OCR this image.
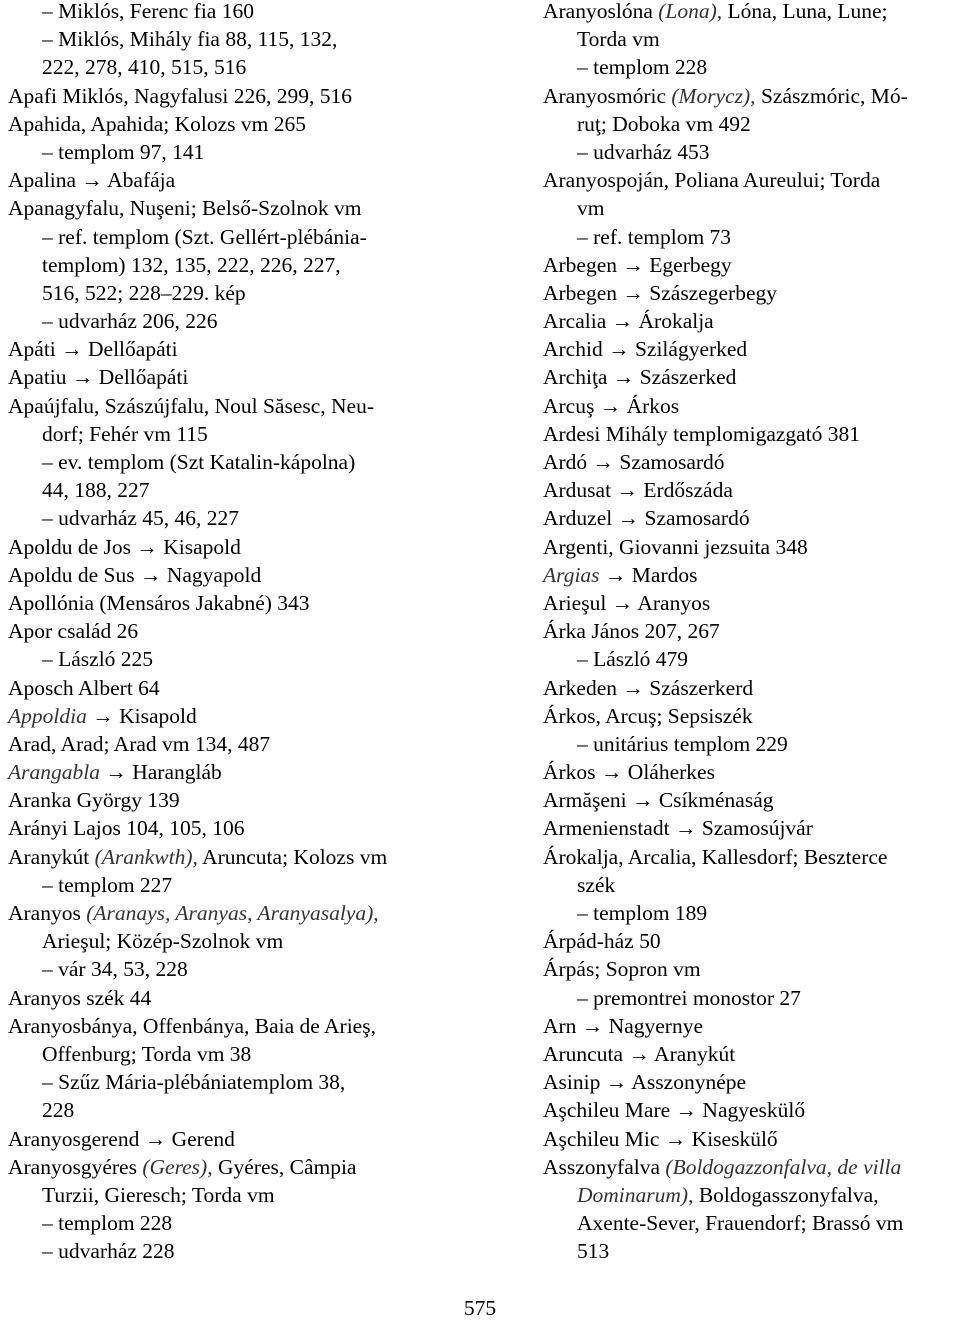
– Miklós, Ferenc fia 160
– Miklós, Mihály fia 88, 115, 132,
222, 278, 410, 515, 516
Apafi Miklós, Nagyfalusi 226, 299, 516
Apahida, Apahida; Kolozs vm 265
– templom 97, 141
Apalina → Abafája
Apanagyfalu, Nuşeni; Belső-Szolnok vm
– ref. templom (Szt. Gellért-plébánia-
templom) 132, 135, 222, 226, 227,
516, 522; 228–229. kép
– udvarház 206, 226
Apáti → Dellőapáti
Apatiu → Dellőapáti
Apaújfalu, Szászújfalu, Noul Săsesc, Neu-
dorf; Fehér vm 115
– ev. templom (Szt Katalin-kápolna)
44, 188, 227
– udvarház 45, 46, 227
Apoldu de Jos → Kisapold
Apoldu de Sus → Nagyapold
Apollónia (Mensáros Jakabné) 343
Apor család 26
– László 225
Aposch Albert 64
Appoldia → Kisapold
Arad, Arad; Arad vm 134, 487
Arangabla → Harangláb
Aranka György 139
Arányi Lajos 104, 105, 106
Aranykút (Arankwth), Aruncuta; Kolozs vm
– templom 227
Aranyos (Aranays, Aranyas, Aranyasalya),
Arieşul; Közép-Szolnok vm
– vár 34, 53, 228
Aranyos szék 44
Aranyosbánya, Offenbánya, Baia de Arieş,
Offenburg; Torda vm 38
– Szűz Mária-plébániatemplom 38,
228
Aranyosgerend → Gerend
Aranyosgyéres (Geres), Gyéres, Câmpia
Turzii, Gieresch; Torda vm
– templom 228
– udvarház 228
Aranyoslóna (Lona), Lóna, Luna, Lune;
Torda vm
– templom 228
Aranyosmóric (Morycz), Szászmóric, Mó-
ruţ; Doboka vm 492
– udvarház 453
Aranyospoján, Poliana Aureului; Torda
vm
– ref. templom 73
Arbegen → Egerbegy
Arbegen → Szászegerbegy
Arcalia → Árokalja
Archid → Szilágyerked
Archiţa → Szászerked
Arcuş → Árkos
Ardesi Mihály templomigazgató 381
Ardó → Szamosardó
Ardusat → Erdőszáda
Arduzel → Szamosardó
Argenti, Giovanni jezsuita 348
Argias → Mardos
Arieşul → Aranyos
Árka János 207, 267
– László 479
Arkeden → Szászerkerd
Árkos, Arcuş; Sepsiszék
– unitárius templom 229
Árkos → Oláherkes
Armăşeni → Csíkménaság
Armenienstadt → Szamosújvár
Árokalja, Arcalia, Kallesdorf; Beszterce
szék
– templom 189
Árpád-ház 50
Árpás; Sopron vm
– premontrei monostor 27
Arn → Nagyernye
Aruncuta → Aranykút
Asinip → Asszonynépe
Aşchileu Mare → Nagyeskülő
Aşchileu Mic → Kiseskülő
Asszonyfalva (Boldogazzonfalva, de villa
Dominarum), Boldogasszonyfalva,
Axente-Sever, Frauendorf; Brassó vm
513
575
